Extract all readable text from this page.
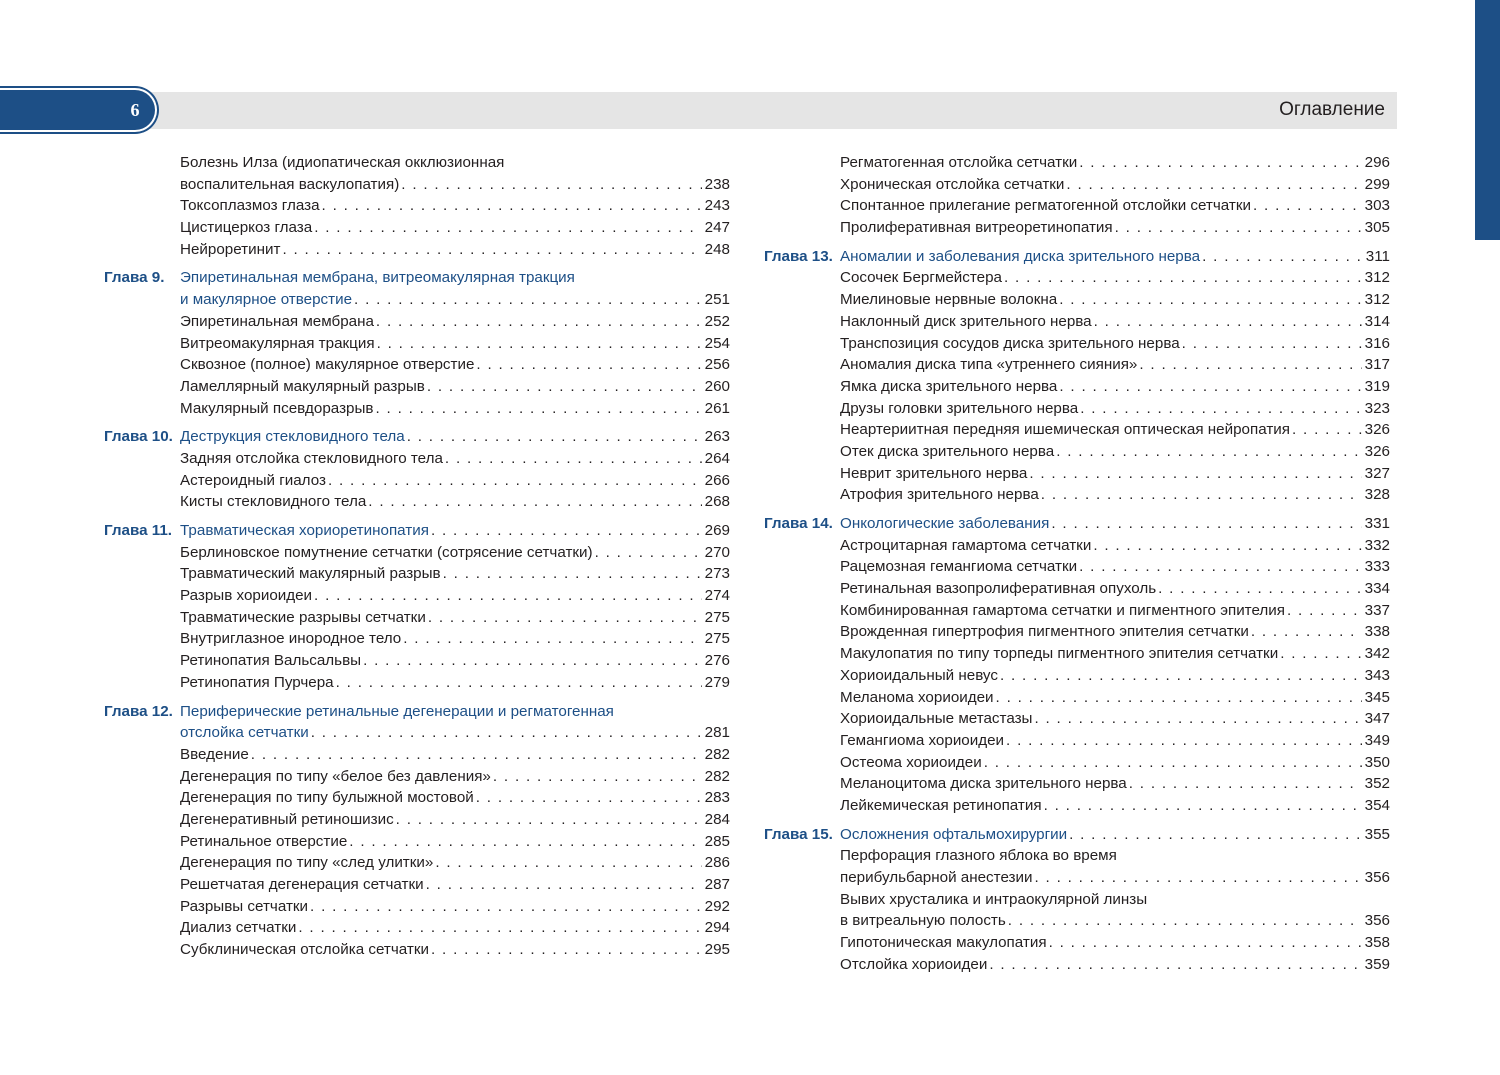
6	Оглавление
Болезнь Илза (идиопатическая окклюзионная
воспалительная васкулопатия) . . .	238
Токсоплазмоз глаза . . .	243
Цистицеркоз глаза . . .	247
Нейроретинит . . .	248
Глава 9.	Эпиретинальная мембрана, витреомакулярная тракция
и макулярное отверстие . . .	251
Эпиретинальная мембрана . . .	252
Витреомакулярная тракция . . .	254
Сквозное (полное) макулярное отверстие . . .	256
Ламеллярный макулярный разрыв . . .	260
Макулярный псевдоразрыв . . .	261
Глава 10. Деструкция стекловидного тела . . .	263
Задняя отслойка стекловидного тела . . .	264
Астероидный гиалоз . . .	266
Кисты стекловидного тела . . .	268
Глава 11. Травматическая хориоретинопатия . . .	269
Берлиновское помутнение сетчатки (сотрясение сетчатки) . . .	270
Травматический макулярный разрыв . . .	273
Разрыв хориоидеи . . .	274
Травматические разрывы сетчатки . . .	275
Внутриглазное инородное тело . . .	275
Ретинопатия Вальсальвы . . .	276
Ретинопатия Пурчера . . .	279
Глава 12. Периферические ретинальные дегенерации и регматогенная
отслойка сетчатки . . .	281
Введение . . .	282
Дегенерация по типу «белое без давления» . . .	282
Дегенерация по типу булыжной мостовой . . .	283
Дегенеративный ретиношизис . . .	284
Ретинальное отверстие . . .	285
Дегенерация по типу «след улитки» . . .	286
Решетчатая дегенерация сетчатки . . .	287
Разрывы сетчатки . . .	292
Диализ сетчатки . . .	294
Субклиническая отслойка сетчатки . . .	295
Регматогенная отслойка сетчатки . . .	296
Хроническая отслойка сетчатки . . .	299
Спонтанное прилегание регматогенной отслойки сетчатки . . .	303
Пролиферативная витреоретинопатия . . .	305
Глава 13. Аномалии и заболевания диска зрительного нерва . . .	311
Сосочек Бергмейстера . . .	312
Миелиновые нервные волокна . . .	312
Наклонный диск зрительного нерва . . .	314
Транспозиция сосудов диска зрительного нерва . . .	316
Аномалия диска типа «утреннего сияния» . . .	317
Ямка диска зрительного нерва . . .	319
Друзы головки зрительного нерва . . .	323
Неартериитная передняя ишемическая оптическая нейропатия . . .	326
Отек диска зрительного нерва . . .	326
Неврит зрительного нерва . . .	327
Атрофия зрительного нерва . . .	328
Глава 14. Онкологические заболевания . . .	331
Астроцитарная гамартома сетчатки . . .	332
Рацемозная гемангиома сетчатки . . .	333
Ретинальная вазопролиферативная опухоль . . .	334
Комбинированная гамартома сетчатки и пигментного эпителия . . .	337
Врожденная гипертрофия пигментного эпителия сетчатки . . .	338
Макулопатия по типу торпеды пигментного эпителия сетчатки . . .	342
Хориоидальный невус . . .	343
Меланома хориоидеи . . .	345
Хориоидальные метастазы . . .	347
Гемангиома хориоидеи . . .	349
Остеома хориоидеи . . .	350
Меланоцитома диска зрительного нерва . . .	352
Лейкемическая ретинопатия . . .	354
Глава 15. Осложнения офтальмохирургии . . .	355
Перфорация глазного яблока во время
перибульбарной анестезии . . .	356
Вывих хрусталика и интраокулярной линзы
в витреальную полость . . .	356
Гипотоническая макулопатия . . .	358
Отслойка хориоидеи . . .	359
